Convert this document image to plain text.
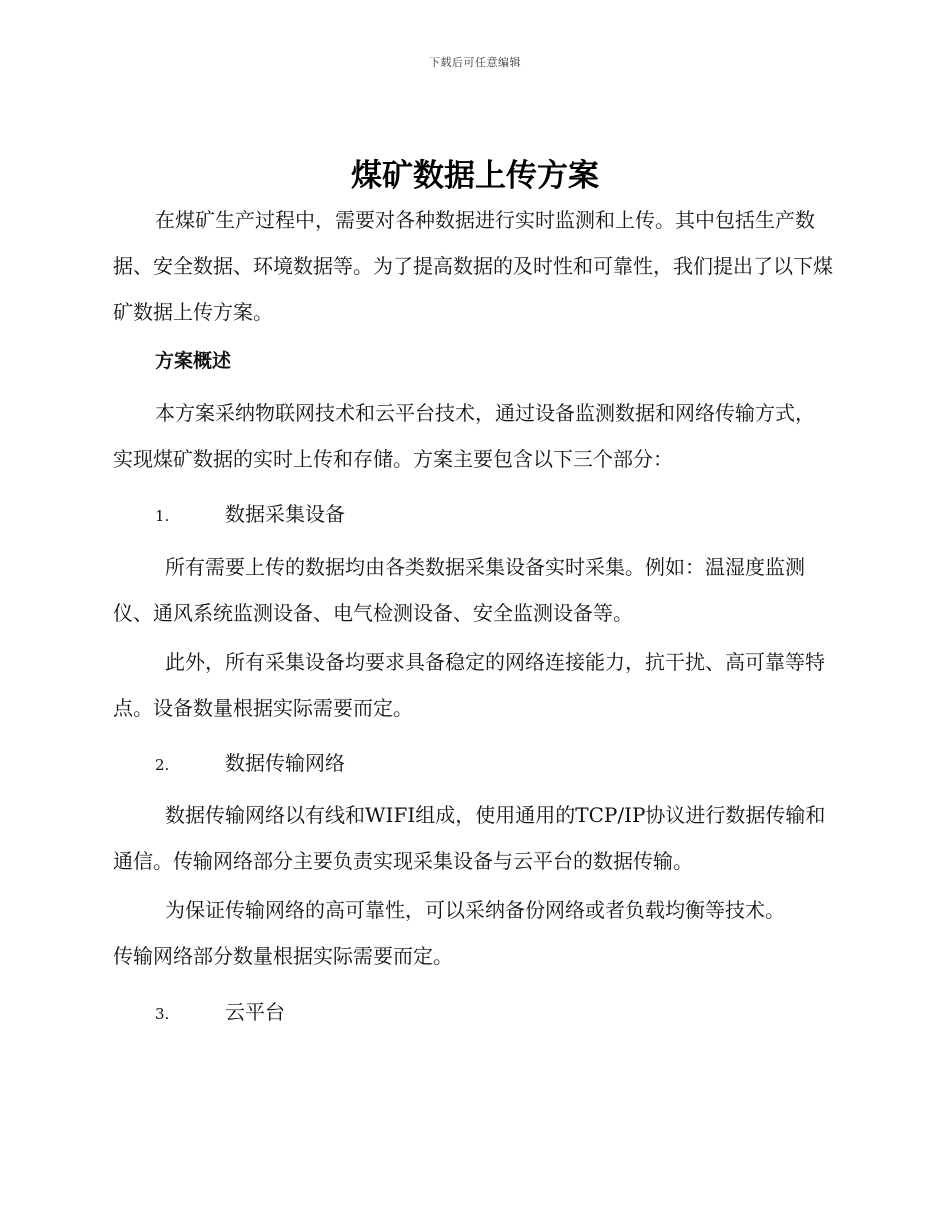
下载后可任意编辑
煤矿数据上传方案

在煤矿生产过程中，需要对各种数据进行实时监测和上传。其中包括生产数据、安全数据、环境数据等。为了提高数据的及时性和可靠性，我们提出了以下煤矿数据上传方案。

方案概述

本方案采纳物联网技术和云平台技术，通过设备监测数据和网络传输方式，实现煤矿数据的实时上传和存储。方案主要包含以下三个部分：

1.	数据采集设备

所有需要上传的数据均由各类数据采集设备实时采集。例如：温湿度监测仪、通风系统监测设备、电气检测设备、安全监测设备等。

此外，所有采集设备均要求具备稳定的网络连接能力，抗干扰、高可靠等特点。设备数量根据实际需要而定。

2.	数据传输网络

数据传输网络以有线和WIFI组成，使用通用的TCP/IP协议进行数据传输和通信。传输网络部分主要负责实现采集设备与云平台的数据传输。

为保证传输网络的高可靠性，可以采纳备份网络或者负载均衡等技术。传输网络部分数量根据实际需要而定。

3.	云平台
